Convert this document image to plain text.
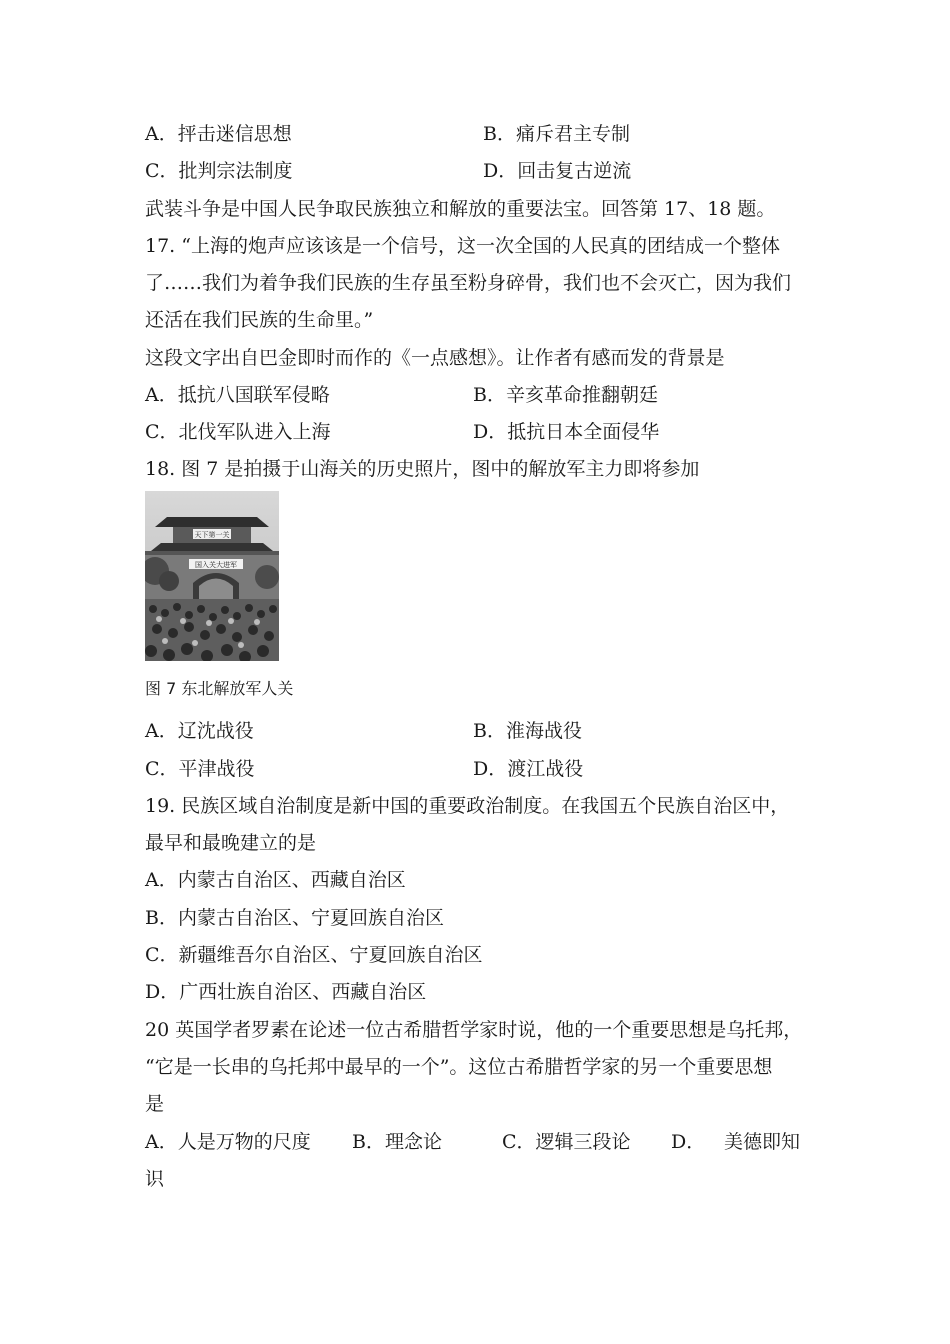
A．抨击迷信思想	B．痛斥君主专制
C．批判宗法制度	D．回击复古逆流
武装斗争是中国人民争取民族独立和解放的重要法宝。回答第 17、18 题。
17. “上海的炮声应该该是一个信号，这一次全国的人民真的团结成一个整体
了……我们为着争我们民族的生存虽至粉身碎骨，我们也不会灭亡，因为我们
还活在我们民族的生命里。”
这段文字出自巴金即时而作的《一点感想》。让作者有感而发的背景是
A．抵抗八国联军侵略	B．辛亥革命推翻朝廷
C．北伐军队进入上海	D．抵抗日本全面侵华
18. 图 7 是拍摄于山海关的历史照片，图中的解放军主力即将参加
天下第一关
国入关大进军
图 7 东北解放军人关
A．辽沈战役	B．淮海战役
C．平津战役	D．渡江战役
19. 民族区域自治制度是新中国的重要政治制度。在我国五个民族自治区中，
最早和最晚建立的是
A．内蒙古自治区、西藏自治区
B．内蒙古自治区、宁夏回族自治区
C．新疆维吾尔自治区、宁夏回族自治区
D．广西壮族自治区、西藏自治区
20 英国学者罗素在论述一位古希腊哲学家时说，他的一个重要思想是乌托邦，
“它是一长串的乌托邦中最早的一个”。这位古希腊哲学家的另一个重要思想
是
A．人是万物的尺度 B．理念论	C．逻辑三段论 D． 美德即知
识
